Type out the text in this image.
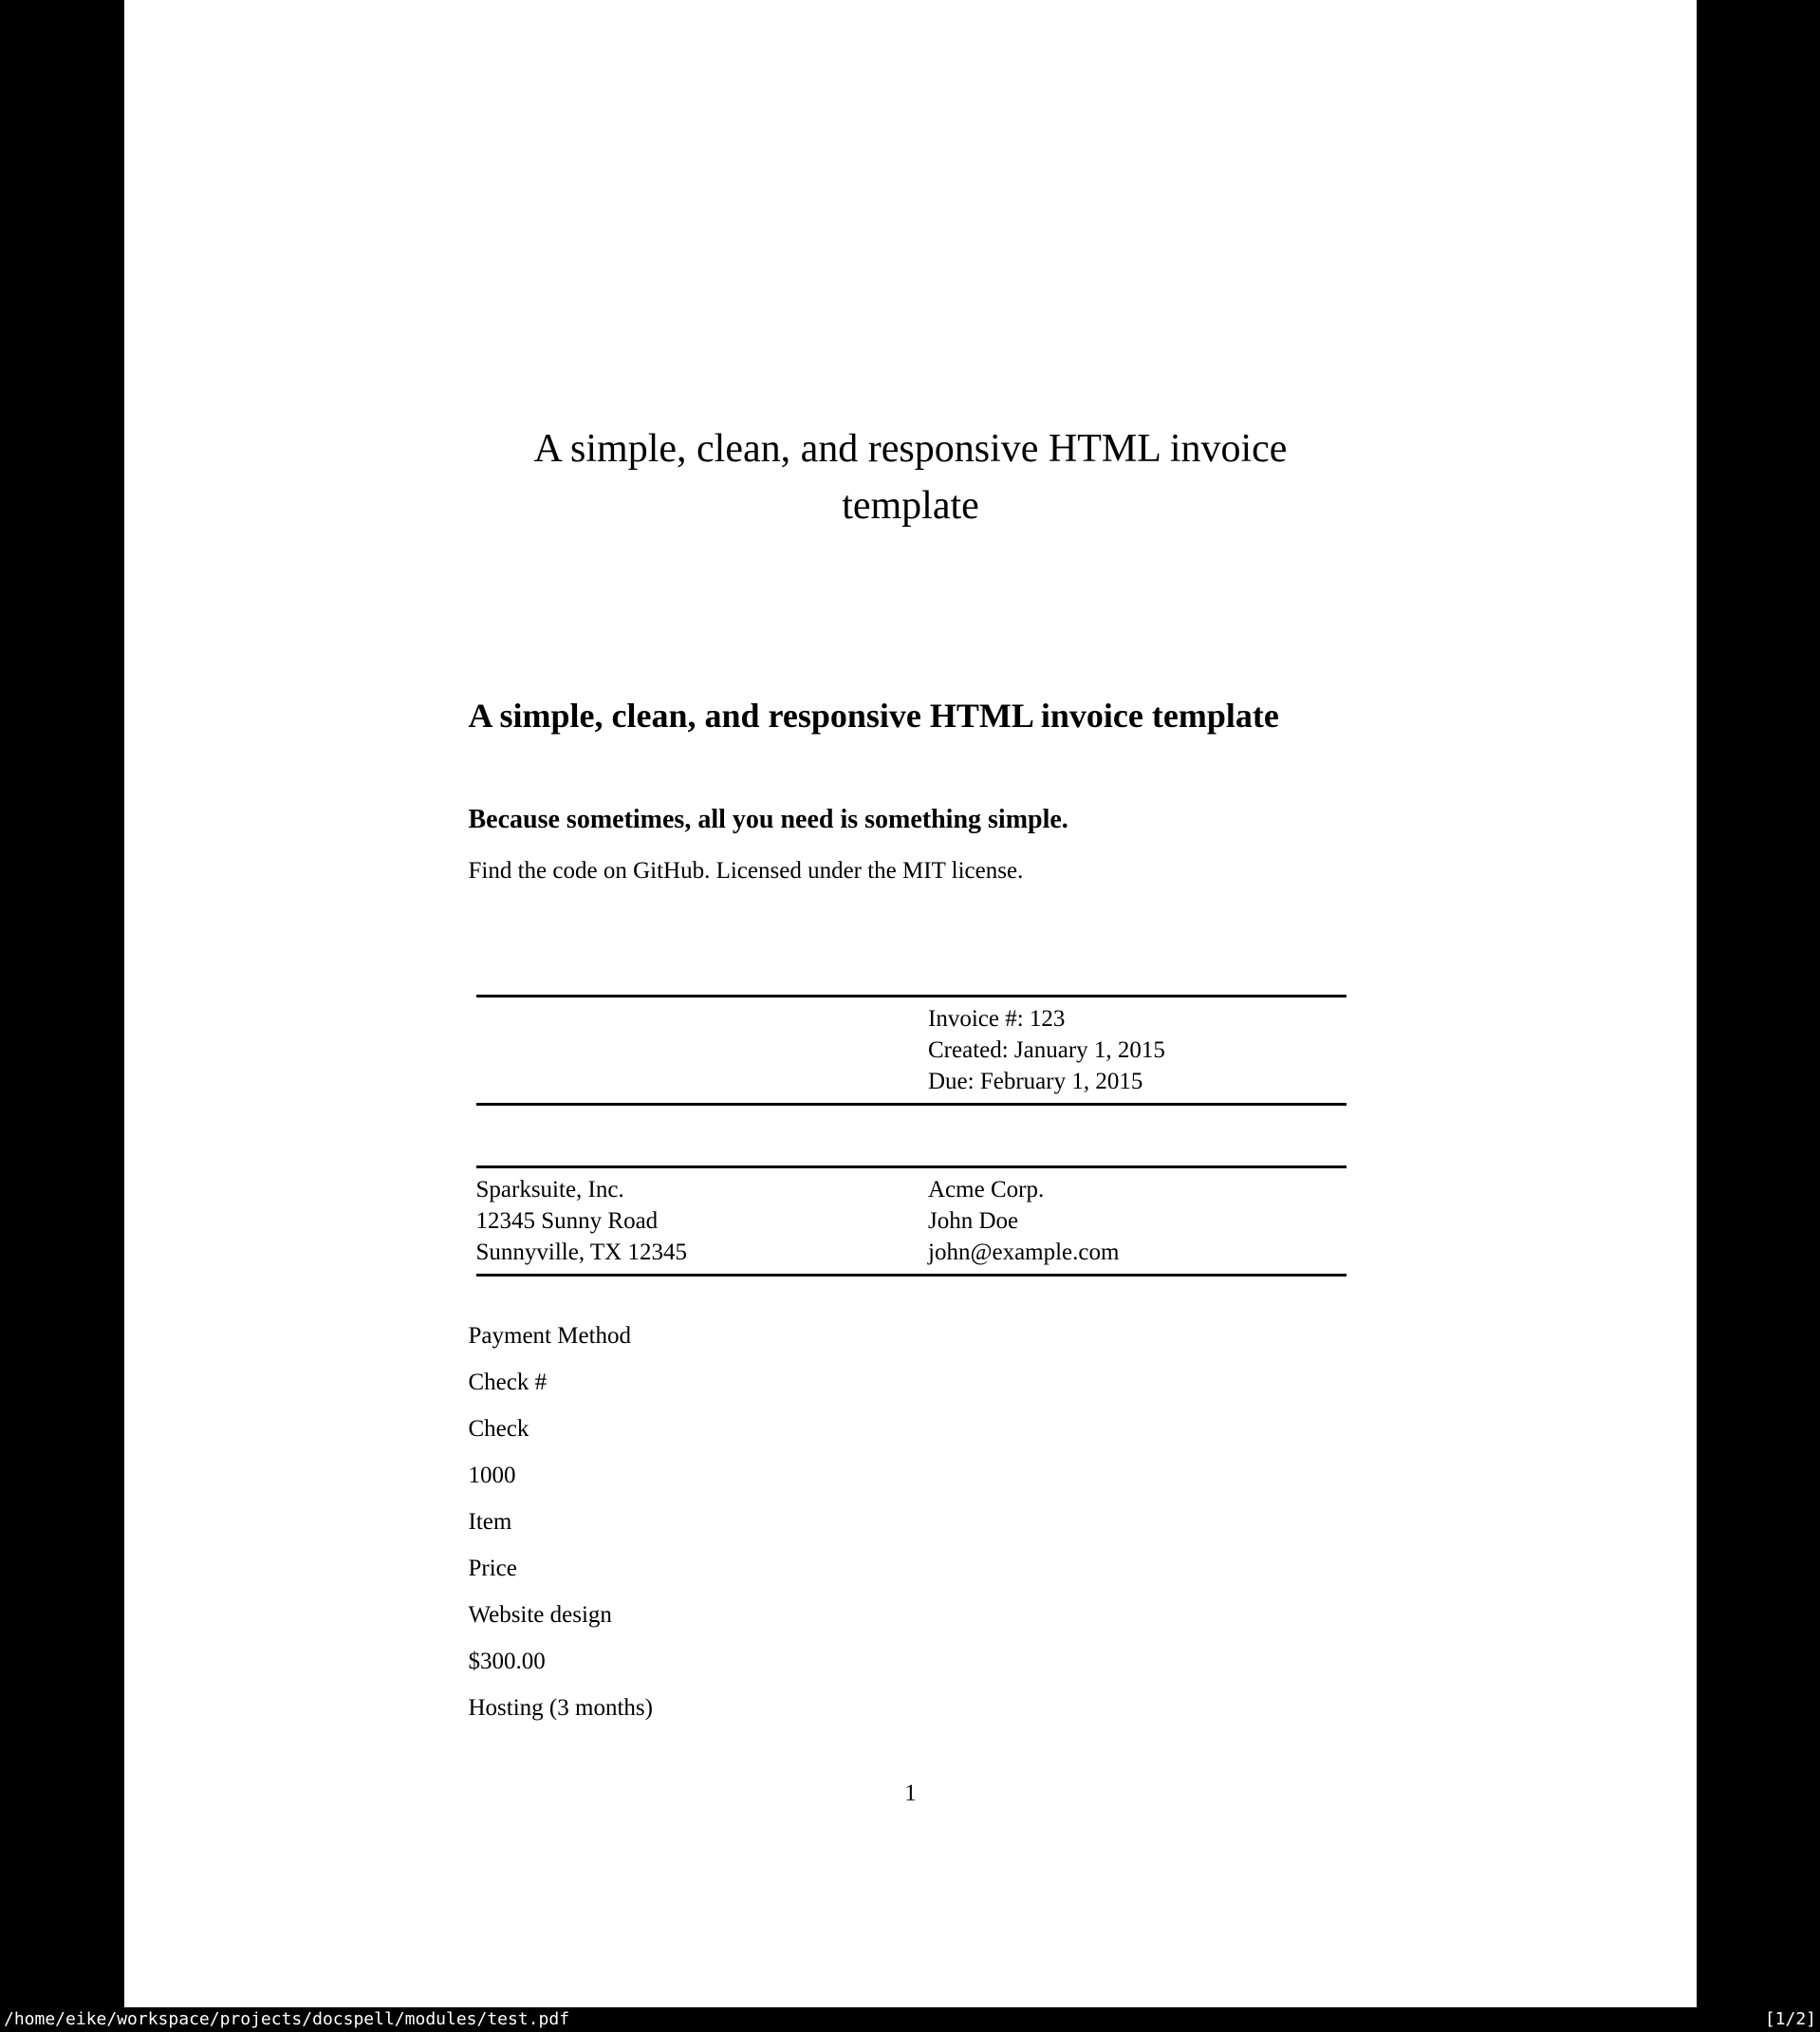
A simple, clean, and responsive HTML invoice template
A simple, clean, and responsive HTML invoice template

Because sometimes, all you need is something simple.

Find the code on GitHub. Licensed under the MIT license.

Invoice #: 123
Created: January 1, 2015
Due: February 1, 2015
Sparksuite, Inc.
12345 Sunny Road
Sunnyville, TX 12345
Acme Corp.
John Doe
john@example.com
Payment Method
Check #
Check
1000
Item
Price
Website design
$300.00
Hosting (3 months)
1
/home/eike/workspace/projects/docspell/modules/test.pdf	[1/2]
